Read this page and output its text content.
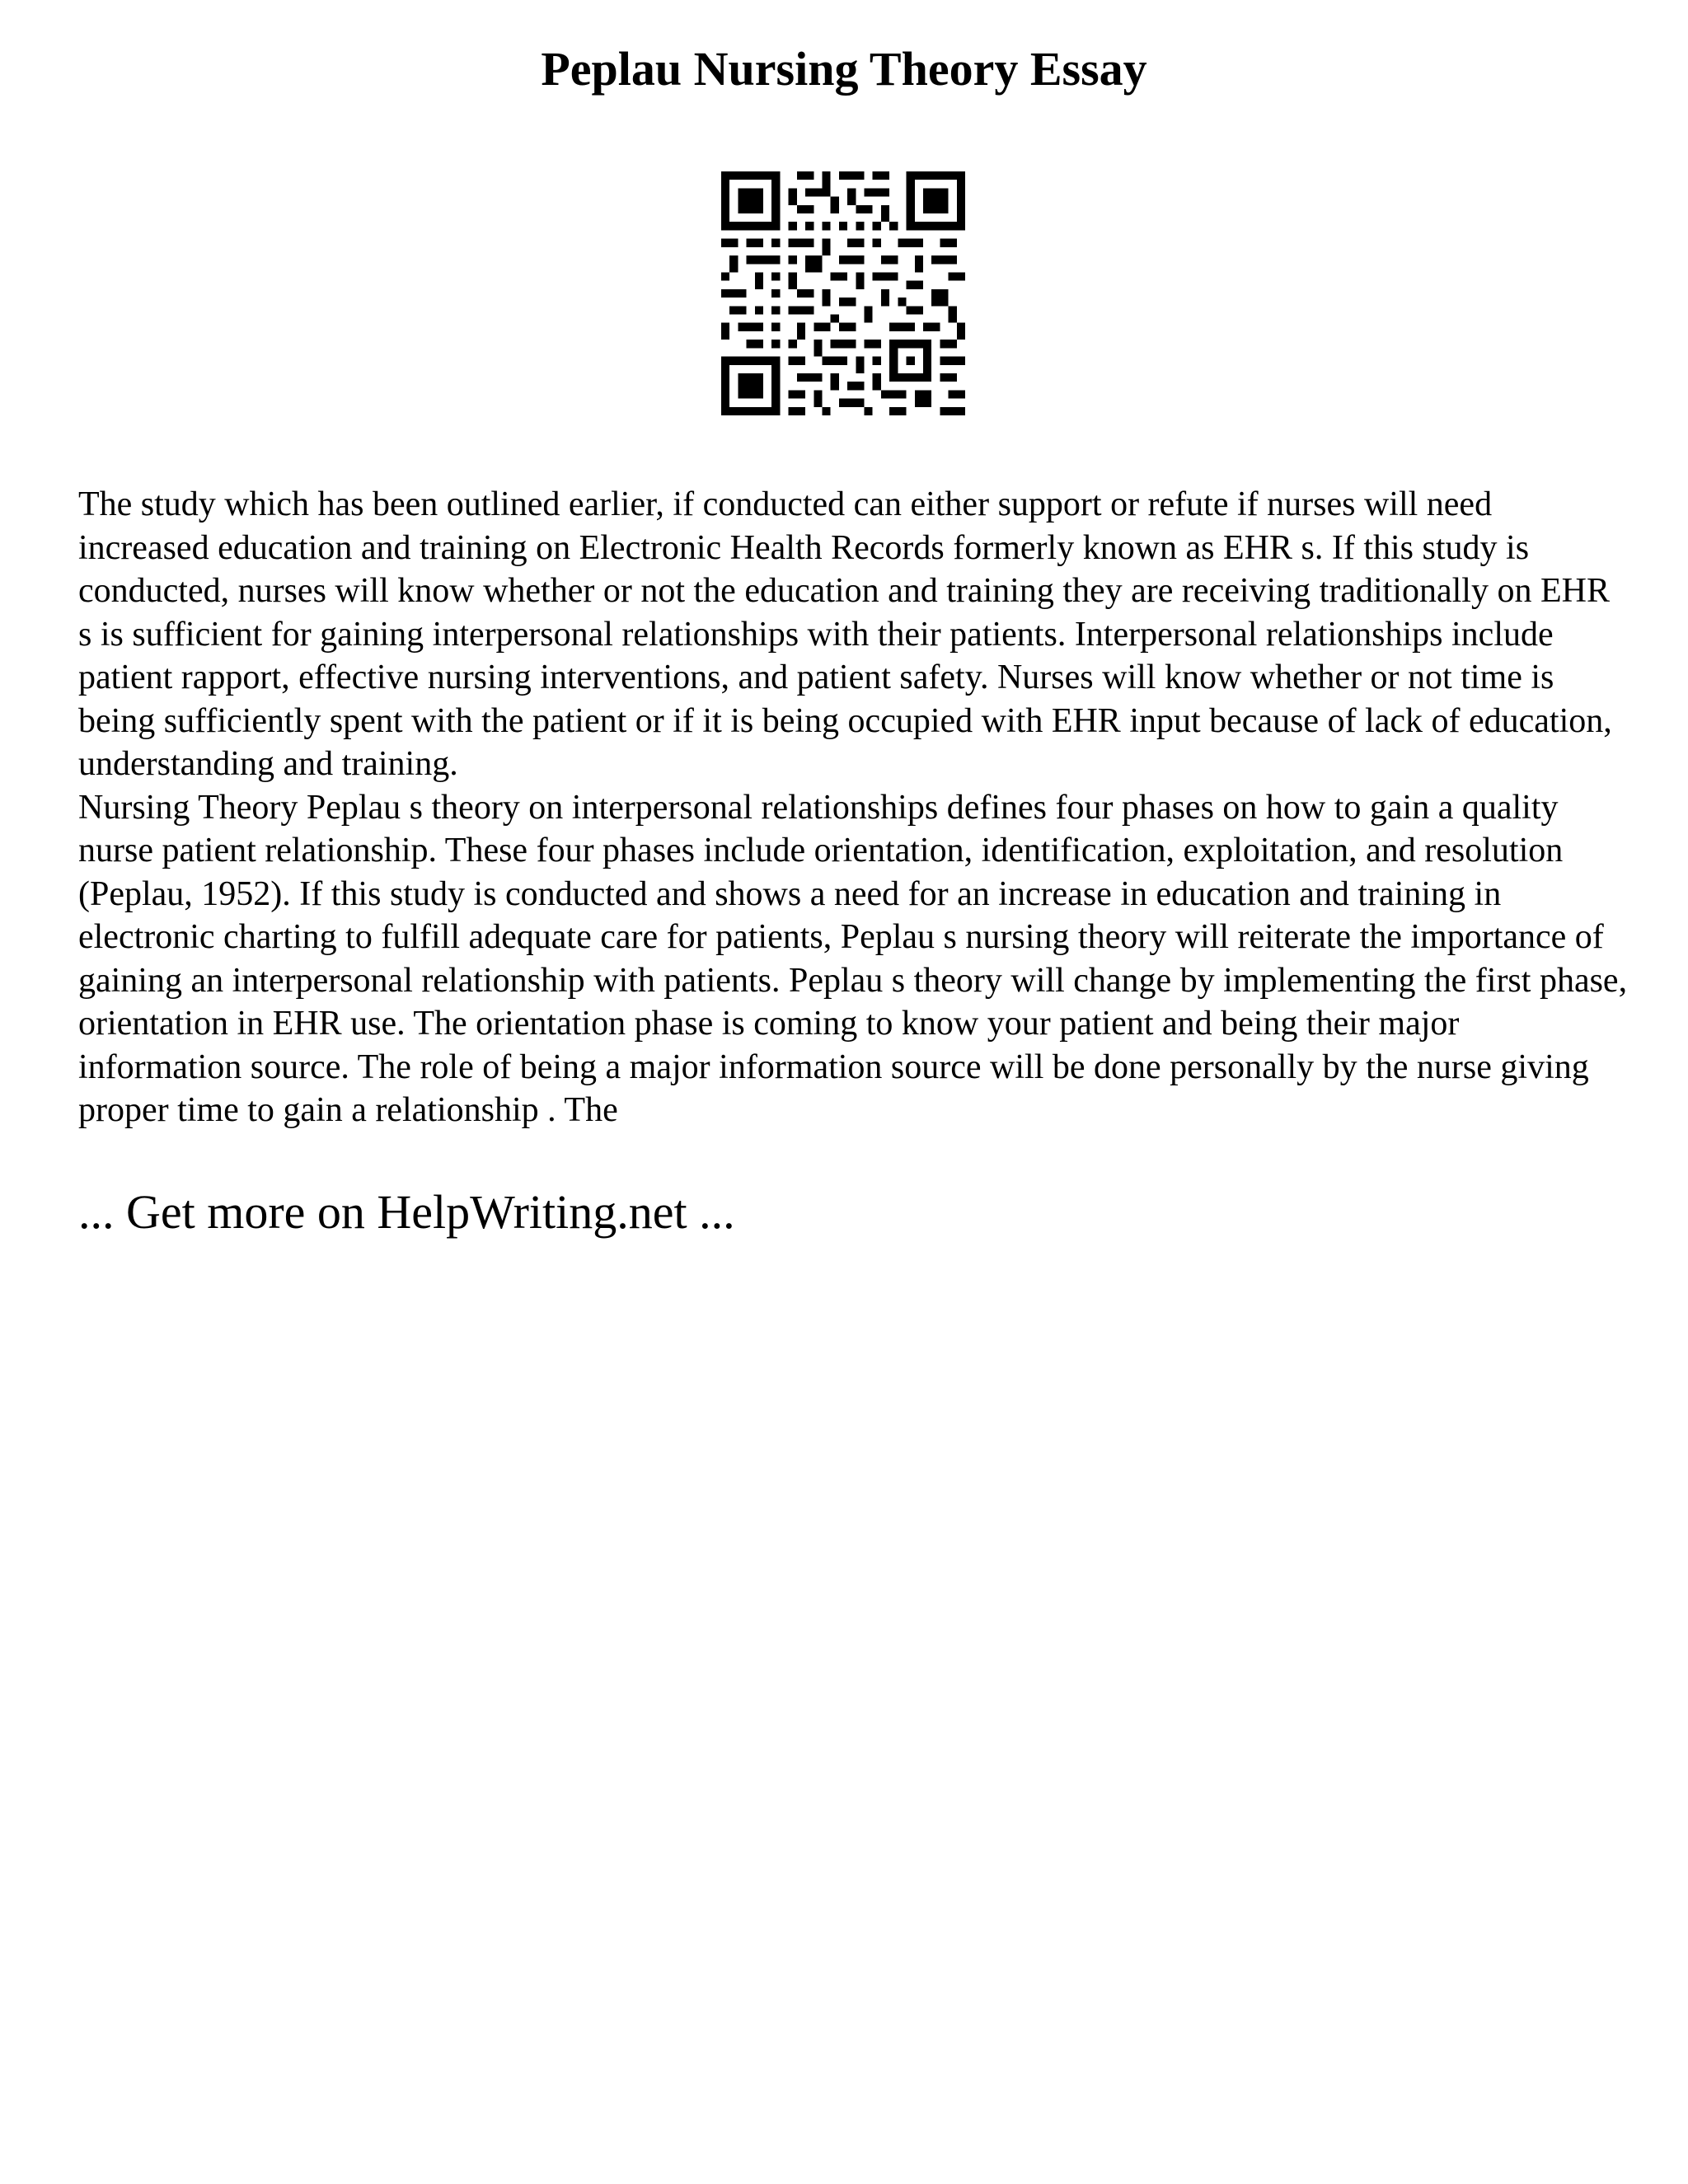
Peplau Nursing Theory Essay

The study which has been outlined earlier, if conducted can either support or refute if nurses will need increased education and training on Electronic Health Records formerly known as EHR s. If this study is conducted, nurses will know whether or not the education and training they are receiving traditionally on EHR s is sufficient for gaining interpersonal relationships with their patients. Interpersonal relationships include patient rapport, effective nursing interventions, and patient safety. Nurses will know whether or not time is being sufficiently spent with the patient or if it is being occupied with EHR input because of lack of education, understanding and training.

Nursing Theory Peplau s theory on interpersonal relationships defines four phases on how to gain a quality nurse patient relationship. These four phases include orientation, identification, exploitation, and resolution (Peplau, 1952). If this study is conducted and shows a need for an increase in education and training in electronic charting to fulfill adequate care for patients, Peplau s nursing theory will reiterate the importance of gaining an interpersonal relationship with patients. Peplau s theory will change by implementing the first phase, orientation in EHR use. The orientation phase is coming to know your patient and being their major information source. The role of being a major information source will be done personally by the nurse giving proper time to gain a relationship . The

... Get more on HelpWriting.net ...
